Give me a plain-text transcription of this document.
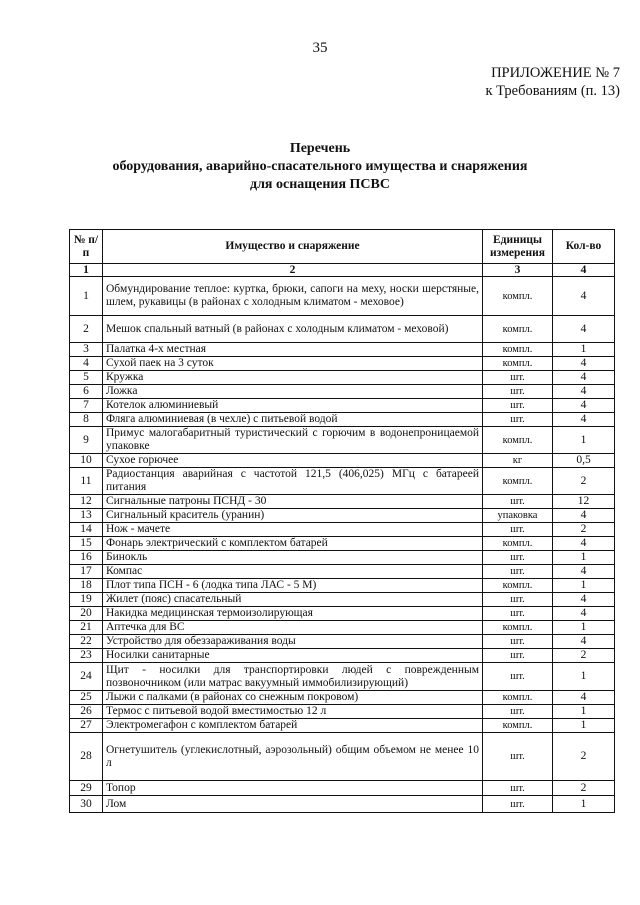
35
ПРИЛОЖЕНИЕ № 7
к Требованиям (п. 13)
Перечень
оборудования, аварийно-спасательного имущества и снаряжения
для оснащения ПСВС
№ п/п	Имущество и снаряжение	Единицы измерения	Кол-во
1	2	3	4
1	Обмундирование теплое: куртка, брюки, сапоги на меху, носки шерстяные, шлем, рукавицы (в районах с холодным климатом - меховое)	компл.	4
2	Мешок спальный ватный (в районах с холодным климатом - меховой)	компл.	4
3	Палатка 4-х местная	компл.	1
4	Сухой паек на 3 суток	компл.	4
5	Кружка	шт.	4
6	Ложка	шт.	4
7	Котелок алюминиевый	шт.	4
8	Фляга алюминиевая (в чехле) с питьевой водой	шт.	4
9	Примус малогабаритный туристический с горючим в водонепроницаемой упаковке	компл.	1
10	Сухое горючее	кг	0,5
11	Радиостанция аварийная с частотой 121,5 (406,025) МГц с батареей питания	компл.	2
12	Сигнальные патроны ПСНД - 30	шт.	12
13	Сигнальный краситель (уранин)	упаковка	4
14	Нож - мачете	шт.	2
15	Фонарь электрический с комплектом батарей	компл.	4
16	Бинокль	шт.	1
17	Компас	шт.	4
18	Плот типа ПСН - 6 (лодка типа ЛАС - 5 М)	компл.	1
19	Жилет (пояс) спасательный	шт.	4
20	Накидка медицинская термоизолирующая	шт.	4
21	Аптечка для ВС	компл.	1
22	Устройство для обеззараживания воды	шт.	4
23	Носилки санитарные	шт.	2
24	Щит - носилки для транспортировки людей с поврежденным позвоночником (или матрас вакуумный иммобилизирующий)	шт.	1
25	Лыжи с палками (в районах со снежным покровом)	компл.	4
26	Термос с питьевой водой вместимостью 12 л	шт.	1
27	Электромегафон с комплектом батарей	компл.	1
28	Огнетушитель (углекислотный, аэрозольный) общим объемом не менее 10 л	шт.	2
29	Топор	шт.	2
30	Лом	шт.	1
